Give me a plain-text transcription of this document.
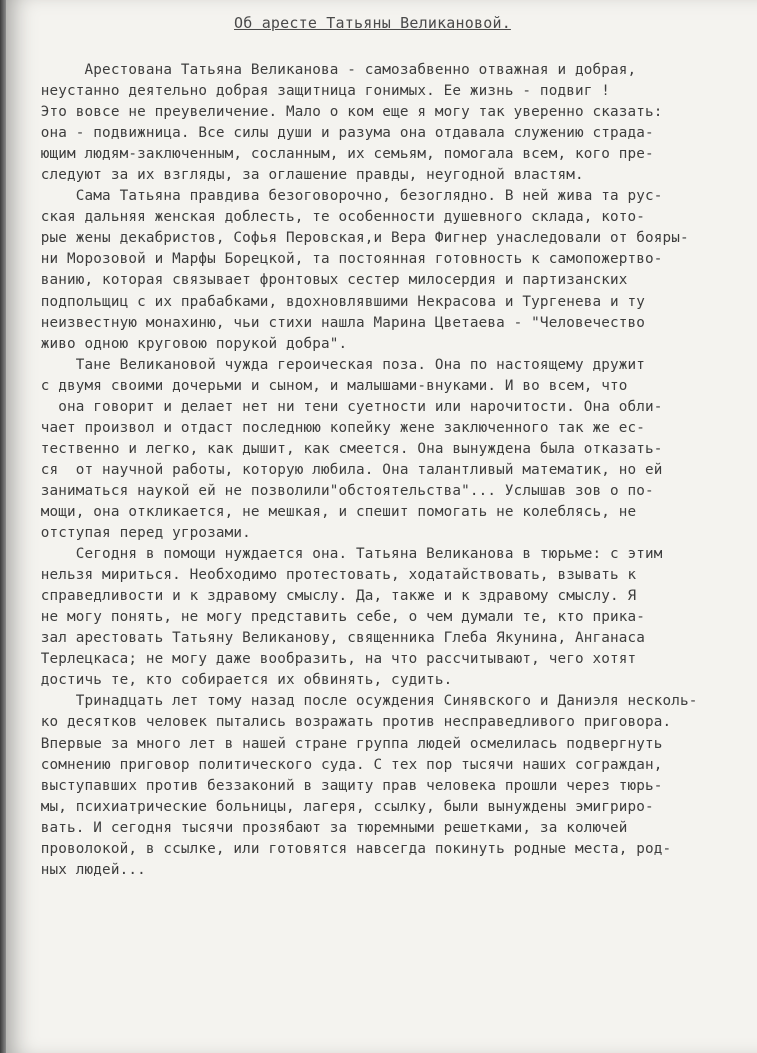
Об аресте Татьяны Великановой.
Арестована Татьяна Великанова - самозабвенно отважная и добрая,
неустанно деятельно добрая защитница гонимых. Ее жизнь - подвиг !
Это вовсе не преувеличение. Мало о ком еще я могу так уверенно сказать:
она - подвижница. Все силы души и разума она отдавала служению страда-
ющим людям-заключенным, сосланным, их семьям, помогала всем, кого пре-
следуют за их взгляды, за оглашение правды, неугодной властям.
Сама Татьяна правдива безоговорочно, безоглядно. В ней жива та рус-
ская дальняя женская доблесть, те особенности душевного склада, кото-
рые жены декабристов, Софья Перовская,и Вера Фигнер унаследовали от бояры-
ни Морозовой и Марфы Борецкой, та постоянная готовность к самопожертво-
ванию, которая связывает фронтовых сестер милосердия и партизанских
подпольщиц с их прабабками, вдохновлявшими Некрасова и Тургенева и ту
неизвестную монахиню, чьи стихи нашла Марина Цветаева - "Человечество
живо одною круговою порукой добра".
Тане Великановой чужда героическая поза. Она по настоящему дружит
с двумя своими дочерьми и сыном, и малышами-внуками. И во всем, что
она говорит и делает нет ни тени суетности или нарочитости. Она обли-
чает произвол и отдаст последнюю копейку жене заключенного так же ес-
тественно и легко, как дышит, как смеется. Она вынуждена была отказать-
ся  от научной работы, которую любила. Она талантливый математик, но ей
заниматься наукой ей не позволили"обстоятельства"... Услышав зов о по-
мощи, она откликается, не мешкая, и спешит помогать не колеблясь, не
отступая перед угрозами.
Сегодня в помощи нуждается она. Татьяна Великанова в тюрьме: с этим
нельзя мириться. Необходимо протестовать, ходатайствовать, взывать к
справедливости и к здравому смыслу. Да, также и к здравому смыслу. Я
не могу понять, не могу представить себе, о чем думали те, кто прика-
зал арестовать Татьяну Великанову, священника Глеба Якунина, Анганаса
Терлецкаса; не могу даже вообразить, на что рассчитывают, чего хотят
достичь те, кто собирается их обвинять, судить.
Тринадцать лет тому назад после осуждения Синявского и Даниэля несколь-
ко десятков человек пытались возражать против несправедливого приговора.
Впервые за много лет в нашей стране группа людей осмелилась подвергнуть
сомнению приговор политического суда. С тех пор тысячи наших сограждан,
выступавших против беззаконий в защиту прав человека прошли через тюрь-
мы, психиатрические больницы, лагеря, ссылку, были вынуждены эмигриро-
вать. И сегодня тысячи прозябают за тюремными решетками, за колючей
проволокой, в ссылке, или готовятся навсегда покинуть родные места, род-
ных людей...
